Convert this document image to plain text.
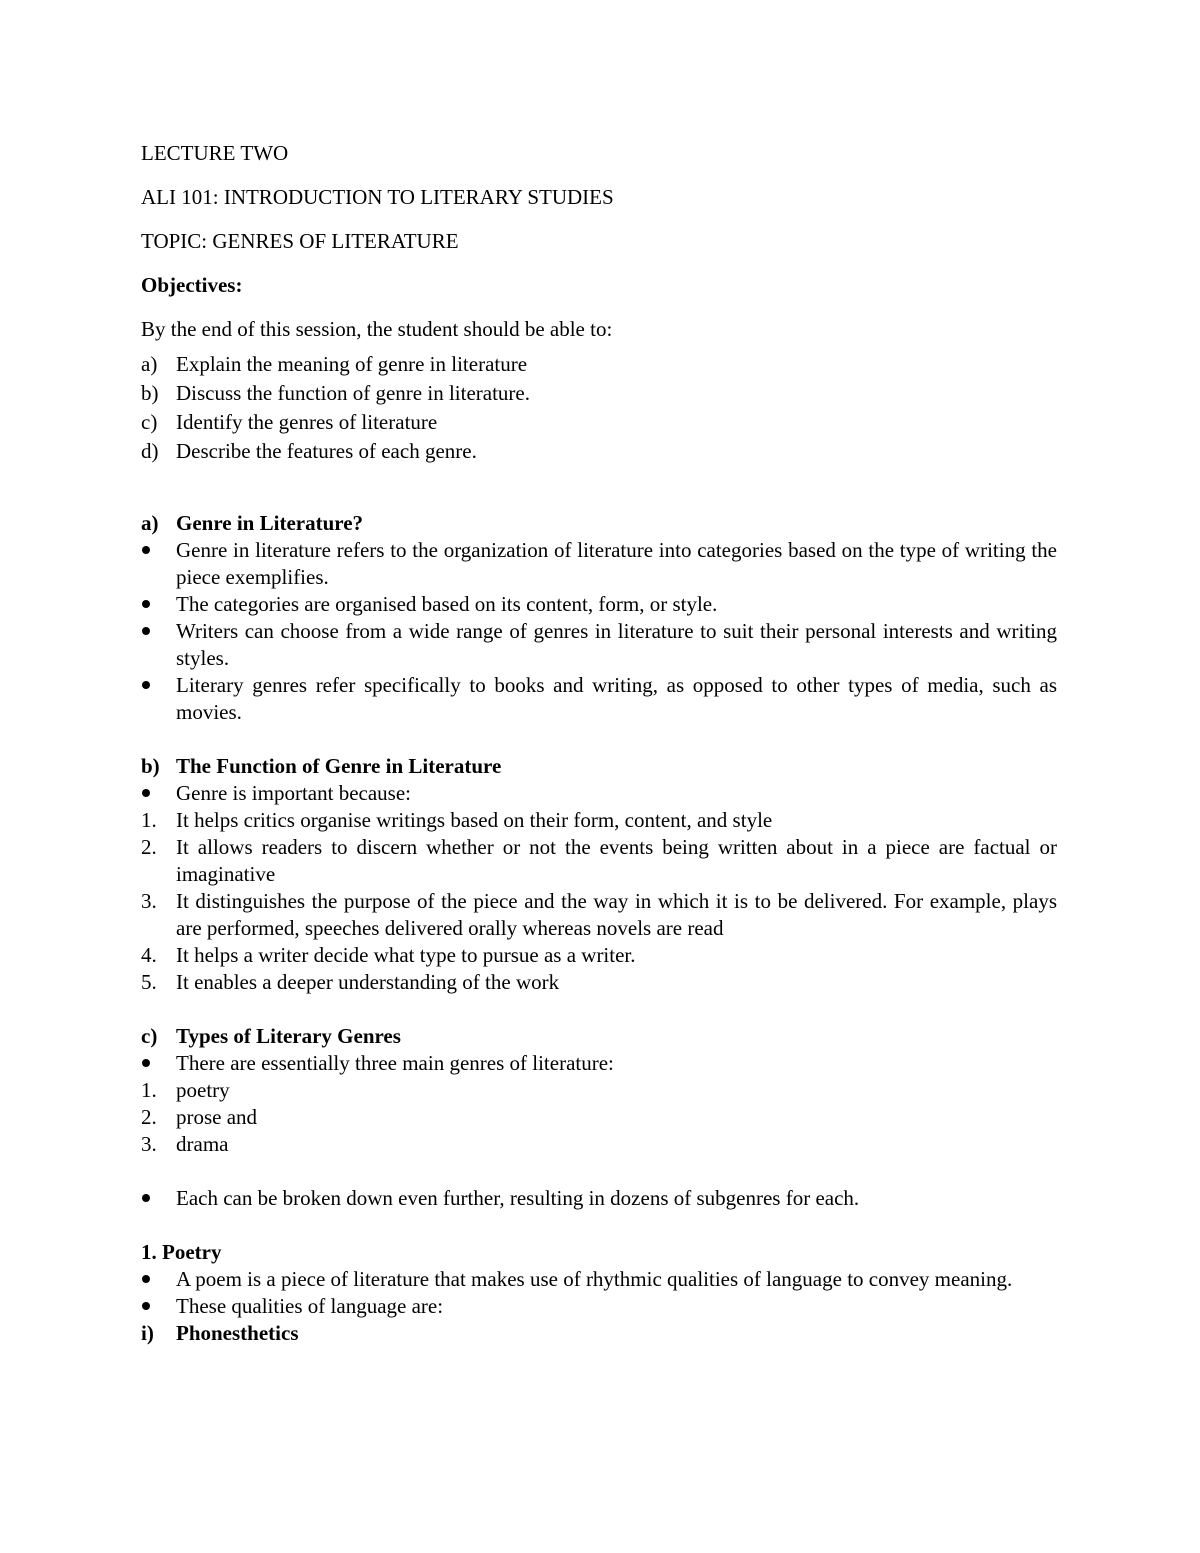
LECTURE TWO

ALI 101: INTRODUCTION TO LITERARY STUDIES

TOPIC: GENRES OF LITERATURE

Objectives:

By the end of this session, the student should be able to:

a) Explain the meaning of genre in literature
b) Discuss the function of genre in literature.
c) Identify the genres of literature
d) Describe the features of each genre.
a) Genre in Literature?
Genre in literature refers to the organization of literature into categories based on the type of writing the piece exemplifies.
The categories are organised based on its content, form, or style.
Writers can choose from a wide range of genres in literature to suit their personal interests and writing styles.
Literary genres refer specifically to books and writing, as opposed to other types of media, such as movies.
b) The Function of Genre in Literature
Genre is important because:
1. It helps critics organise writings based on their form, content, and style
2. It allows readers to discern whether or not the events being written about in a piece are factual or imaginative
3. It distinguishes the purpose of the piece and the way in which it is to be delivered. For example, plays are performed, speeches delivered orally whereas novels are read
4. It helps a writer decide what type to pursue as a writer.
5. It enables a deeper understanding of the work
c) Types of Literary Genres
There are essentially three main genres of literature:
1. poetry
2. prose and
3. drama
Each can be broken down even further, resulting in dozens of subgenres for each.

1. Poetry

A poem is a piece of literature that makes use of rhythmic qualities of language to convey meaning.
These qualities of language are:
i) Phonesthetics
